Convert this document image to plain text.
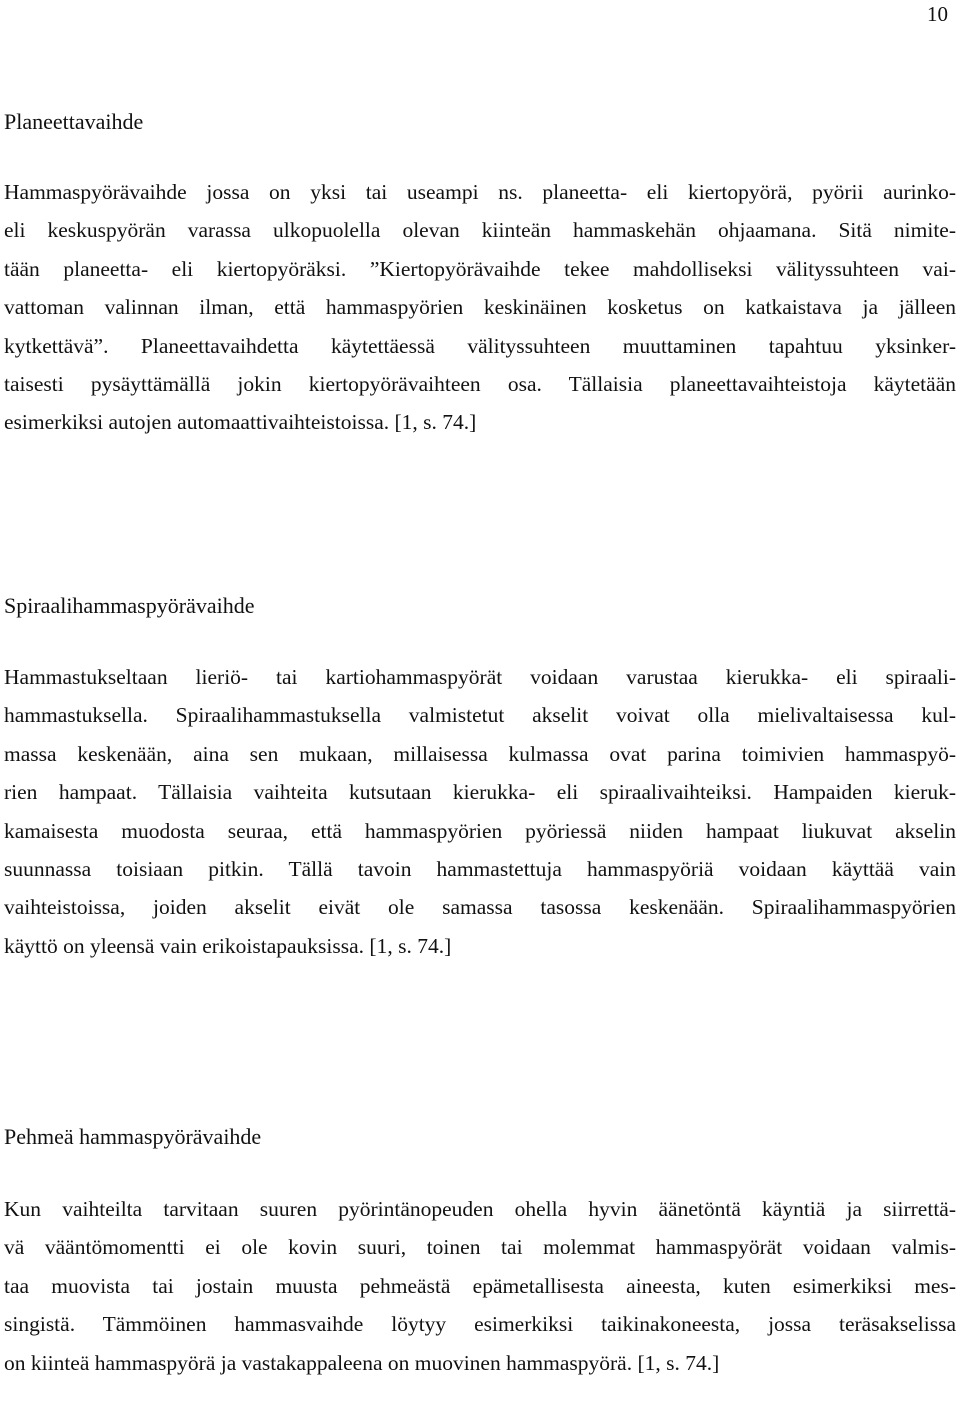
10
Planeettavaihde
Hammaspyörävaihde jossa on yksi tai useampi ns. planeetta- eli kiertopyörä, pyörii aurinko-
eli keskuspyörän varassa ulkopuolella olevan kiinteän hammaskehän ohjaamana. Sitä nimite-
tään planeetta- eli kiertopyöräksi. ”Kiertopyörävaihde tekee mahdolliseksi välityssuhteen vai-
vattoman valinnan ilman, että hammaspyörien keskinäinen kosketus on katkaistava ja jälleen
kytkettävä”. Planeettavaihdetta käytettäessä välityssuhteen muuttaminen tapahtuu yksinker-
taisesti pysäyttämällä jokin kiertopyörävaihteen osa. Tällaisia planeettavaihteistoja käytetään
esimerkiksi autojen automaattivaihteistoissa. [1, s. 74.]
Spiraalihammaspyörävaihde
Hammastukseltaan lieriö- tai kartiohammaspyörät voidaan varustaa kierukka- eli spiraali-
hammastuksella. Spiraalihammastuksella valmistetut akselit voivat olla mielivaltaisessa kul-
massa keskenään, aina sen mukaan, millaisessa kulmassa ovat parina toimivien hammaspyö-
rien hampaat. Tällaisia vaihteita kutsutaan kierukka- eli spiraalivaihteiksi. Hampaiden kieruk-
kamaisesta muodosta seuraa, että hammaspyörien pyöriessä niiden hampaat liukuvat akselin
suunnassa toisiaan pitkin. Tällä tavoin hammastettuja hammaspyöriä voidaan käyttää vain
vaihteistoissa, joiden akselit eivät ole samassa tasossa keskenään. Spiraalihammaspyörien
käyttö on yleensä vain erikoistapauksissa. [1, s. 74.]
Pehmeä hammaspyörävaihde
Kun vaihteilta tarvitaan suuren pyörintänopeuden ohella hyvin äänetöntä käyntiä ja siirrettä-
vä vääntömomentti ei ole kovin suuri, toinen tai molemmat hammaspyörät voidaan valmis-
taa muovista tai jostain muusta pehmeästä epämetallisesta aineesta, kuten esimerkiksi mes-
singistä. Tämmöinen hammasvaihde löytyy esimerkiksi taikinakoneesta, jossa teräsakselissa
on kiinteä hammaspyörä ja vastakappaleena on muovinen hammaspyörä. [1, s. 74.]
